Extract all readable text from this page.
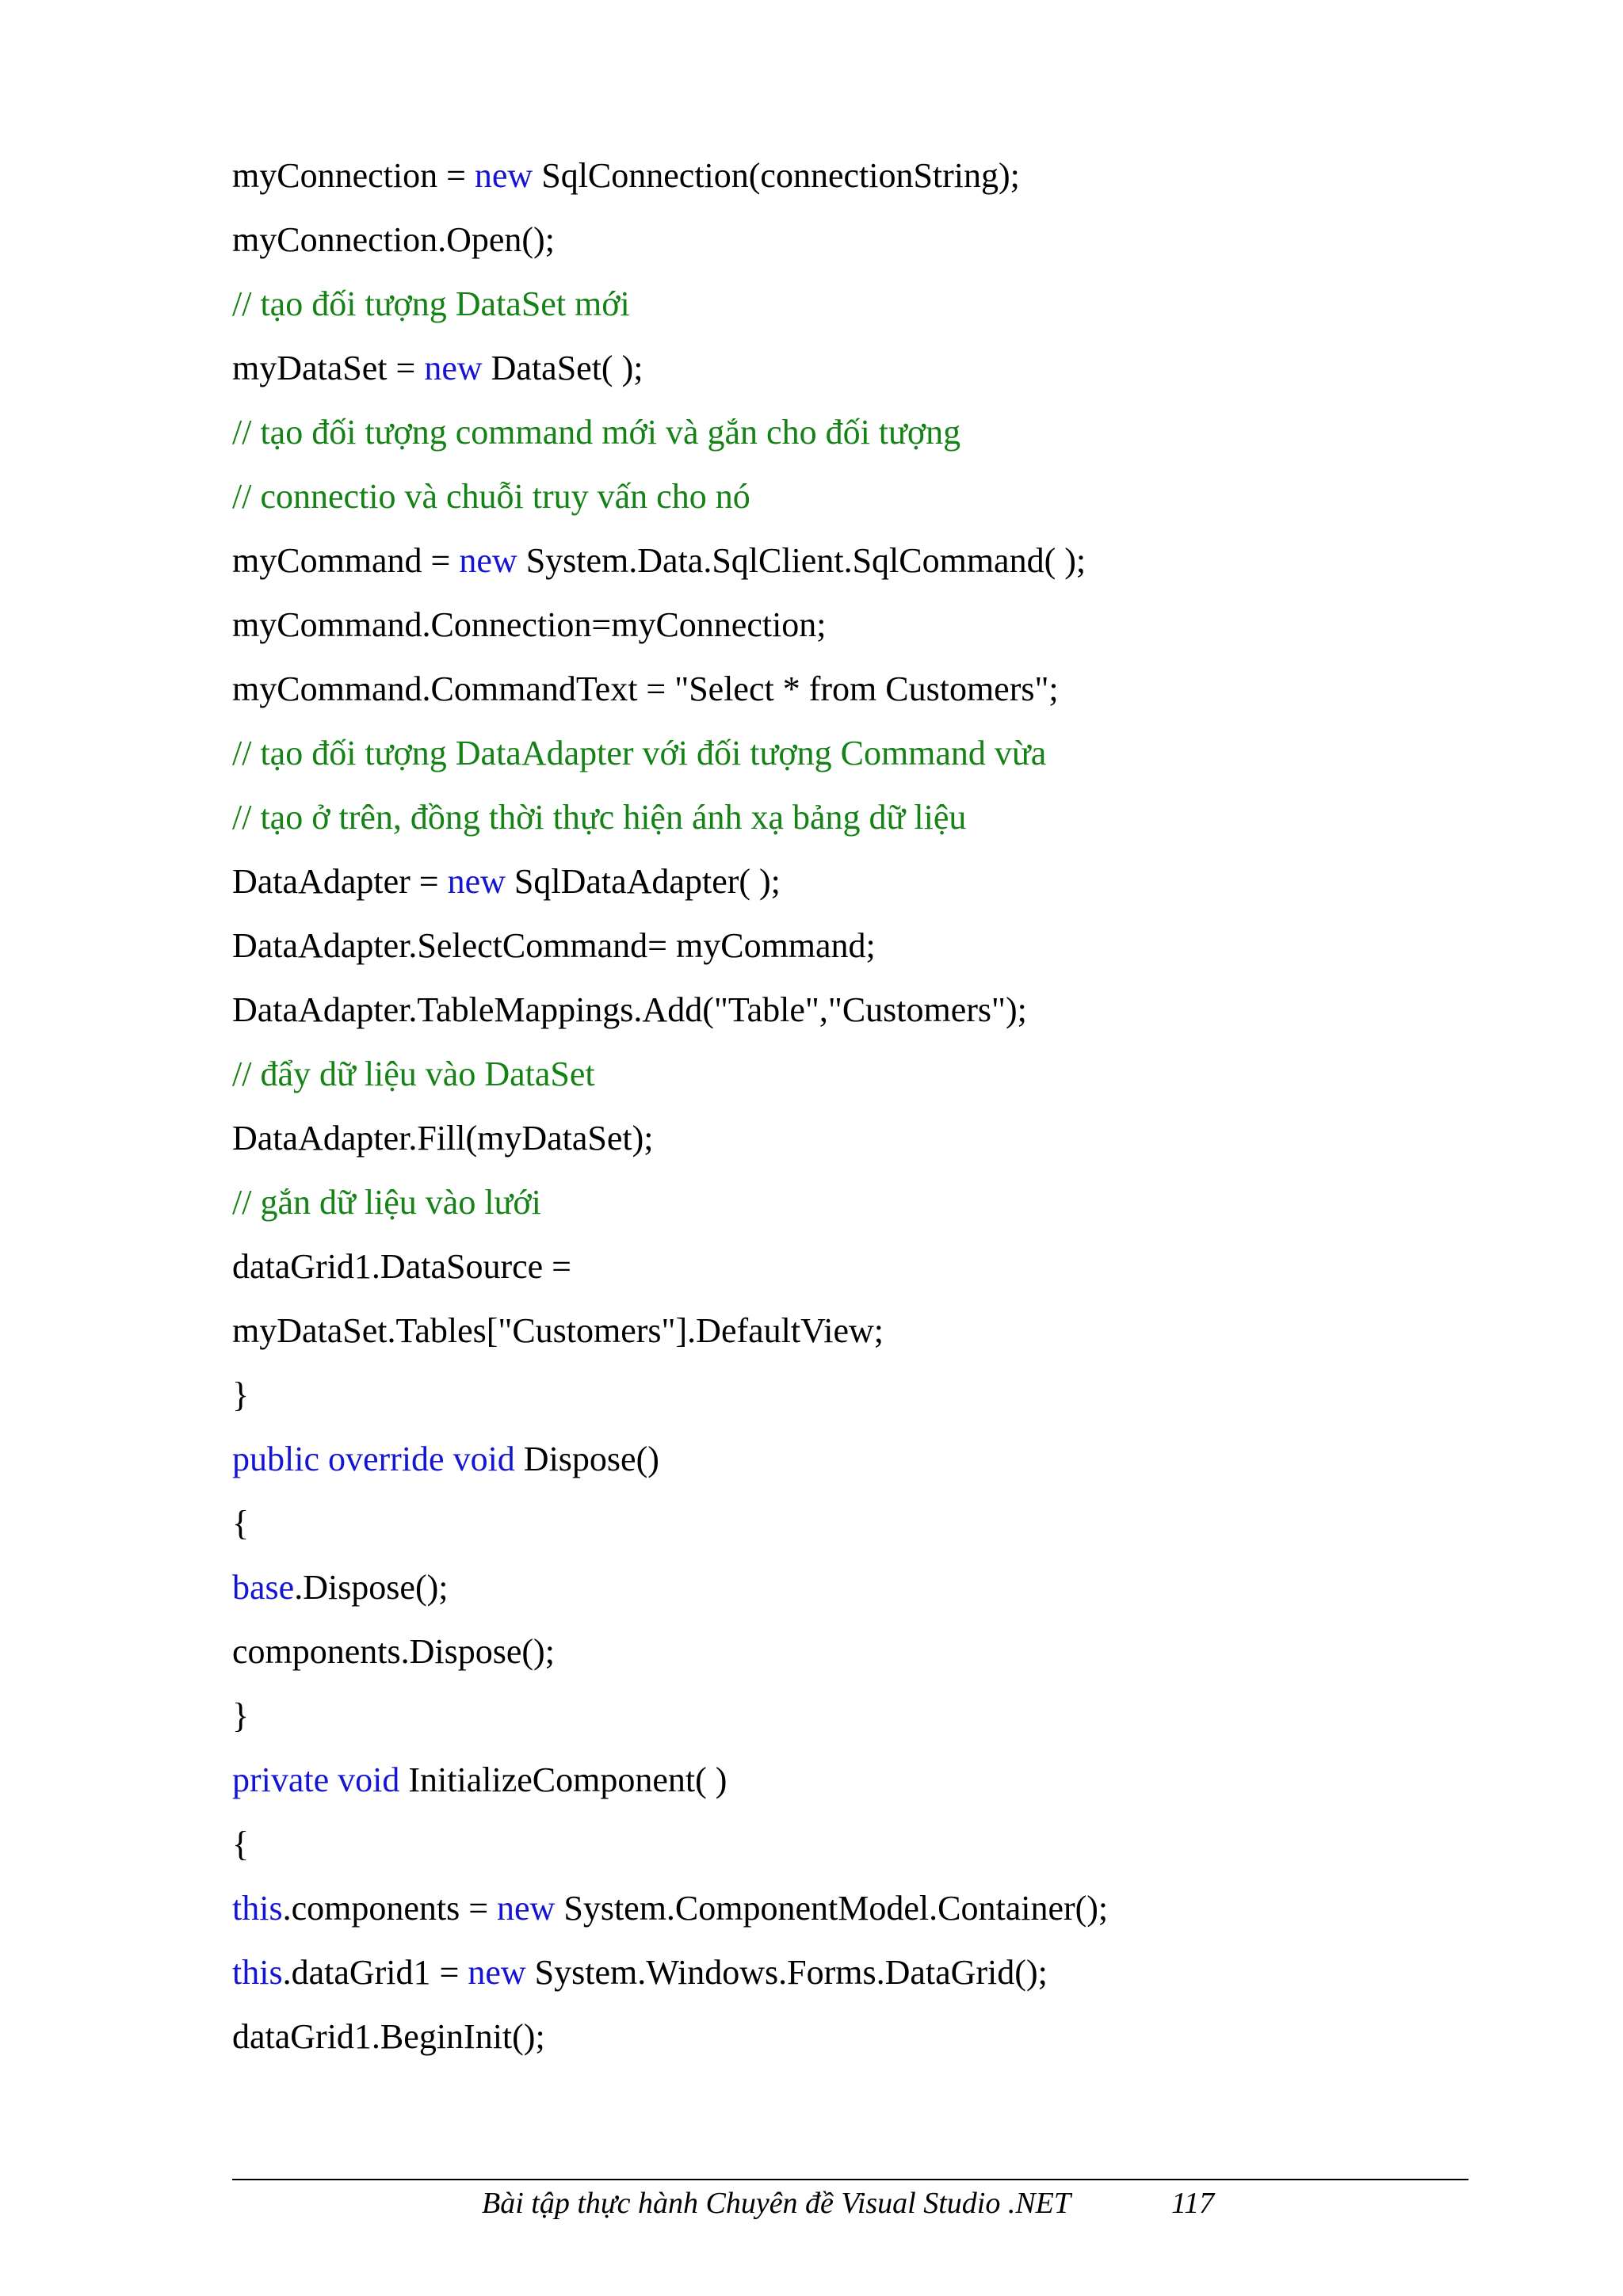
myConnection = new SqlConnection(connectionString);
myConnection.Open();
// tạo đối tượng DataSet mới
myDataSet = new DataSet( );
// tạo đối tượng command mới và gắn cho đối tượng
// connectio và chuỗi truy vấn cho nó
myCommand = new System.Data.SqlClient.SqlCommand( );
myCommand.Connection=myConnection;
myCommand.CommandText = "Select * from Customers";
// tạo đối tượng DataAdapter với đối tượng Command vừa
// tạo ở trên, đồng thời thực hiện ánh xạ bảng dữ liệu
DataAdapter = new SqlDataAdapter( );
DataAdapter.SelectCommand= myCommand;
DataAdapter.TableMappings.Add("Table","Customers");
// đẩy dữ liệu vào DataSet
DataAdapter.Fill(myDataSet);
// gắn dữ liệu vào lưới
dataGrid1.DataSource =
myDataSet.Tables["Customers"].DefaultView;
}
public override void Dispose()
{
base.Dispose();
components.Dispose();
}
private void InitializeComponent( )
{
this.components = new System.ComponentModel.Container();
this.dataGrid1 = new System.Windows.Forms.DataGrid();
dataGrid1.BeginInit();
Bài tập thực hành Chuyên đề Visual Studio .NET	117
